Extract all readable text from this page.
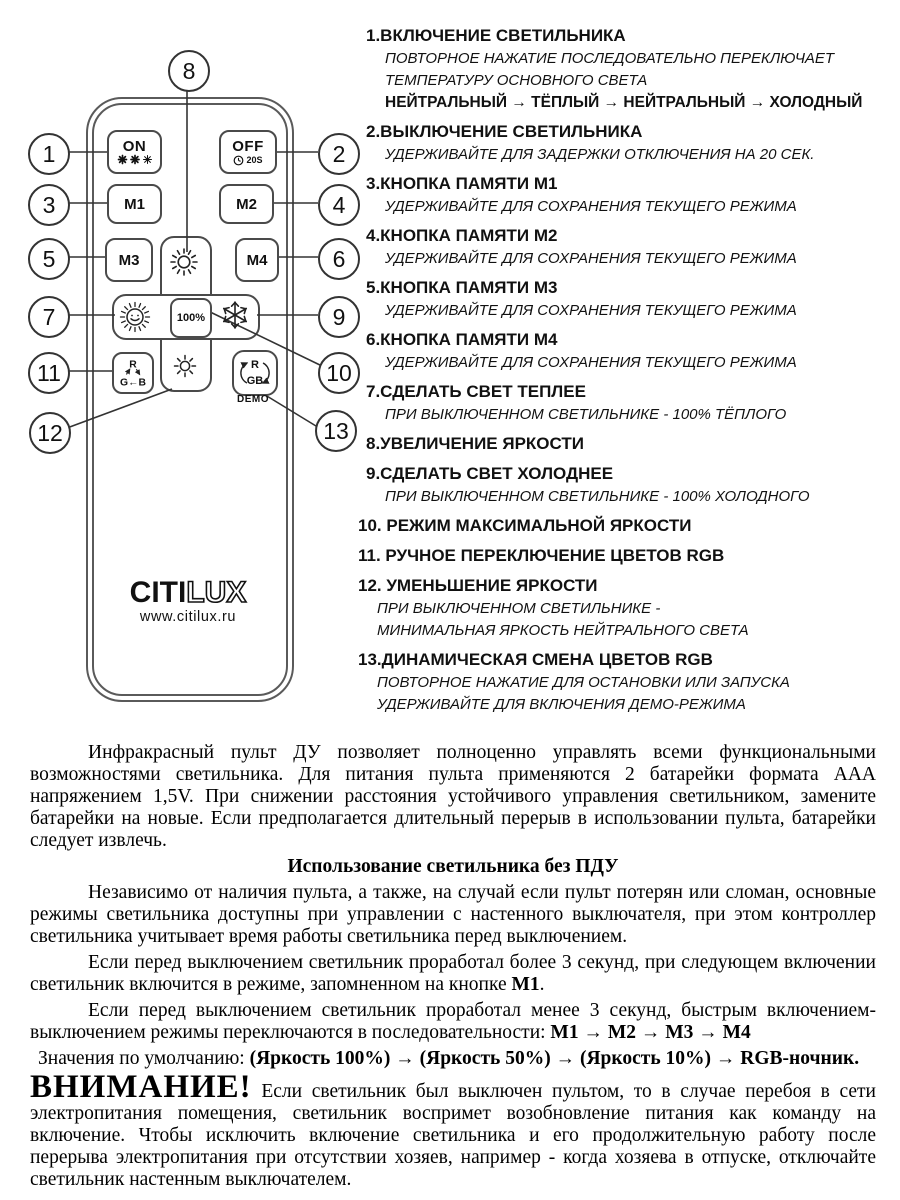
ON	OFF
20S
M1	M2
M3	M4
100%
R
G←B
R
GB
DEMO
CITILUX
www.citilux.ru
8
1	2
3	4
5	6
7	9
11	10
12	13
1.ВКЛЮЧЕНИЕ СВЕТИЛЬНИКА
ПОВТОРНОЕ НАЖАТИЕ ПОСЛЕДОВАТЕЛЬНО ПЕРЕКЛЮЧАЕТ
ТЕМПЕРАТУРУ ОСНОВНОГО СВЕТА
НЕЙТРАЛЬНЫЙ → ТЁПЛЫЙ → НЕЙТРАЛЬНЫЙ → ХОЛОДНЫЙ
2.ВЫКЛЮЧЕНИЕ СВЕТИЛЬНИКА
УДЕРЖИВАЙТЕ ДЛЯ ЗАДЕРЖКИ ОТКЛЮЧЕНИЯ НА 20 СЕК.
3.КНОПКА ПАМЯТИ М1
УДЕРЖИВАЙТЕ ДЛЯ СОХРАНЕНИЯ ТЕКУЩЕГО РЕЖИМА
4.КНОПКА ПАМЯТИ М2
УДЕРЖИВАЙТЕ ДЛЯ СОХРАНЕНИЯ ТЕКУЩЕГО РЕЖИМА
5.КНОПКА ПАМЯТИ М3
УДЕРЖИВАЙТЕ ДЛЯ СОХРАНЕНИЯ ТЕКУЩЕГО РЕЖИМА
6.КНОПКА ПАМЯТИ М4
УДЕРЖИВАЙТЕ ДЛЯ СОХРАНЕНИЯ ТЕКУЩЕГО РЕЖИМА
7.СДЕЛАТЬ СВЕТ ТЕПЛЕЕ
ПРИ ВЫКЛЮЧЕННОМ СВЕТИЛЬНИКЕ - 100% ТЁПЛОГО
8.УВЕЛИЧЕНИЕ ЯРКОСТИ
9.СДЕЛАТЬ СВЕТ ХОЛОДНЕЕ
ПРИ ВЫКЛЮЧЕННОМ СВЕТИЛЬНИКЕ - 100% ХОЛОДНОГО
10. РЕЖИМ МАКСИМАЛЬНОЙ ЯРКОСТИ
11. РУЧНОЕ ПЕРЕКЛЮЧЕНИЕ ЦВЕТОВ RGB
12. УМЕНЬШЕНИЕ ЯРКОСТИ
ПРИ ВЫКЛЮЧЕННОМ СВЕТИЛЬНИКЕ -
МИНИМАЛЬНАЯ ЯРКОСТЬ НЕЙТРАЛЬНОГО СВЕТА
13.ДИНАМИЧЕСКАЯ СМЕНА ЦВЕТОВ RGB
ПОВТОРНОЕ НАЖАТИЕ ДЛЯ ОСТАНОВКИ ИЛИ ЗАПУСКА
УДЕРЖИВАЙТЕ ДЛЯ ВКЛЮЧЕНИЯ ДЕМО-РЕЖИМА

Инфракрасный пульт ДУ позволяет полноценно управлять всеми функциональными возможностями светильника. Для питания пульта применяются 2 батарейки формата ААА напряжением 1,5V. При снижении расстояния устойчивого управления светильником, замените батарейки на новые. Если предполагается длительный перерыв в использовании пульта, батарейки следует извлечь.

Использование светильника без ПДУ

Независимо от наличия пульта, а также, на случай если пульт потерян или сломан, основные режимы светильника доступны при управлении с настенного выключателя, при этом контроллер светильника учитывает время работы светильника перед выключением.

Если перед выключением светильник проработал более 3 секунд, при следующем включении светильник включится в режиме, запомненном на кнопке М1.

Если перед выключением светильник проработал менее 3 секунд, быстрым включением-выключением режимы переключаются в последовательности: М1 → М2 → М3 → М4

Значения по умолчанию: (Яркость 100%) → (Яркость 50%) → (Яркость 10%) → RGB-ночник.

ВНИМАНИЕ! Если светильник был выключен пультом, то в случае перебоя в сети электропитания помещения, светильник воспримет возобновление питания как команду на включение. Чтобы исключить включение светильника и его продолжительную работу после перерыва электропитания при отсутствии хозяев, например - когда хозяева в отпуске, отключайте светильник настенным выключателем.
